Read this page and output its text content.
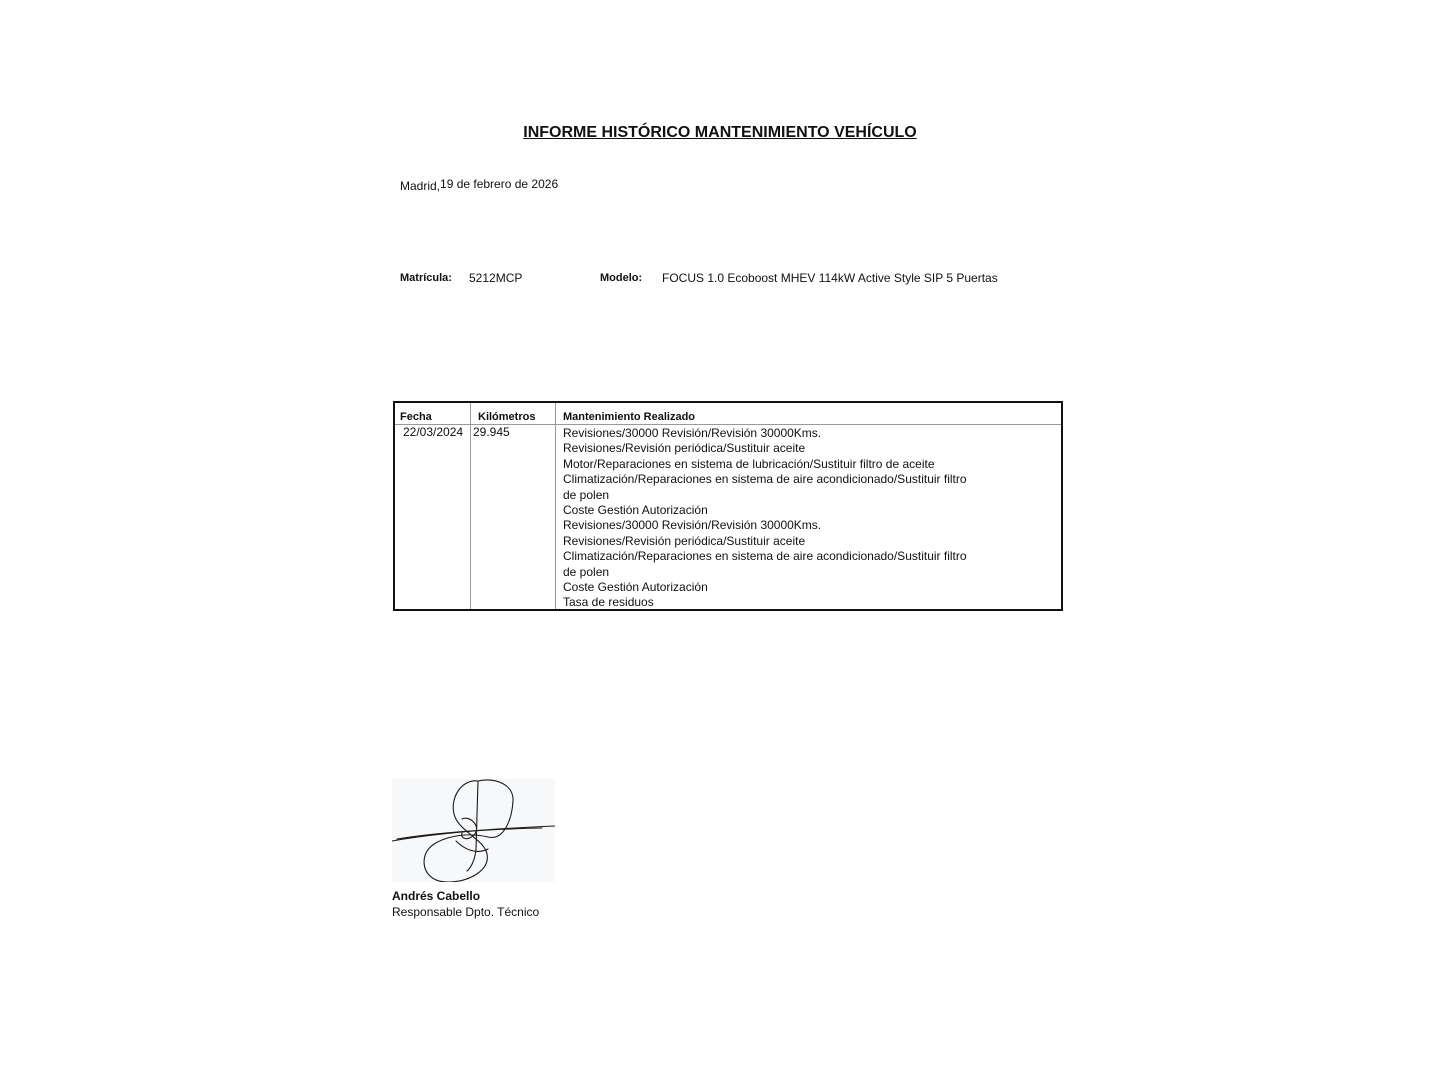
INFORME HISTÓRICO MANTENIMIENTO VEHÍCULO
Madrid,19 de febrero de 2026
Matrícula: 5212MCP	Modelo: FOCUS 1.0 Ecoboost MHEV 114kW Active Style SIP 5 Puertas
Fecha	Kilómetros	Mantenimiento Realizado
22/03/2024 29.945	Revisiones/30000 Revisión/Revisión 30000Kms.
Revisiones/Revisión periódica/Sustituir aceite
Motor/Reparaciones en sistema de lubricación/Sustituir filtro de aceite
Climatización/Reparaciones en sistema de aire acondicionado/Sustituir filtro de polen
Coste Gestión Autorización
Revisiones/30000 Revisión/Revisión 30000Kms.
Revisiones/Revisión periódica/Sustituir aceite
Climatización/Reparaciones en sistema de aire acondicionado/Sustituir filtro de polen
Coste Gestión Autorización
Tasa de residuos
Andrés Cabello
Responsable Dpto. Técnico
